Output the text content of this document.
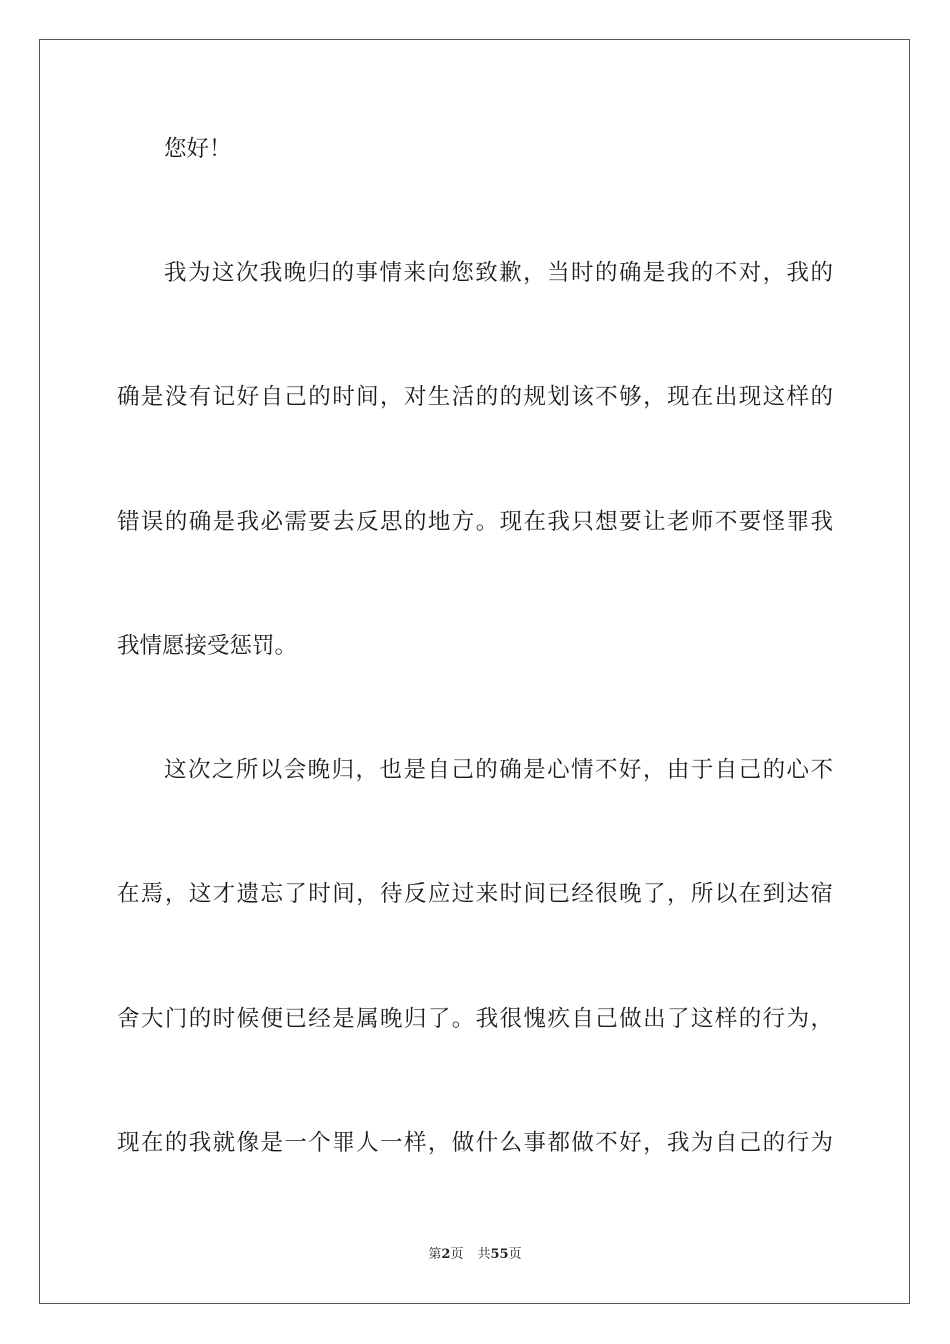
您好！

我为这次我晚归的事情来向您致歉，当时的确是我的不对，我的

确是没有记好自己的时间，对生活的的规划该不够，现在出现这样的

错误的确是我必需要去反思的地方。现在我只想要让老师不要怪罪我

我情愿接受惩罚。

这次之所以会晚归，也是自己的确是心情不好，由于自己的心不

在焉，这才遗忘了时间，待反应过来时间已经很晚了，所以在到达宿

舍大门的时候便已经是属晚归了。我很愧疚自己做出了这样的行为，

现在的我就像是一个罪人一样，做什么事都做不好，我为自己的行为

第2页 共55页
